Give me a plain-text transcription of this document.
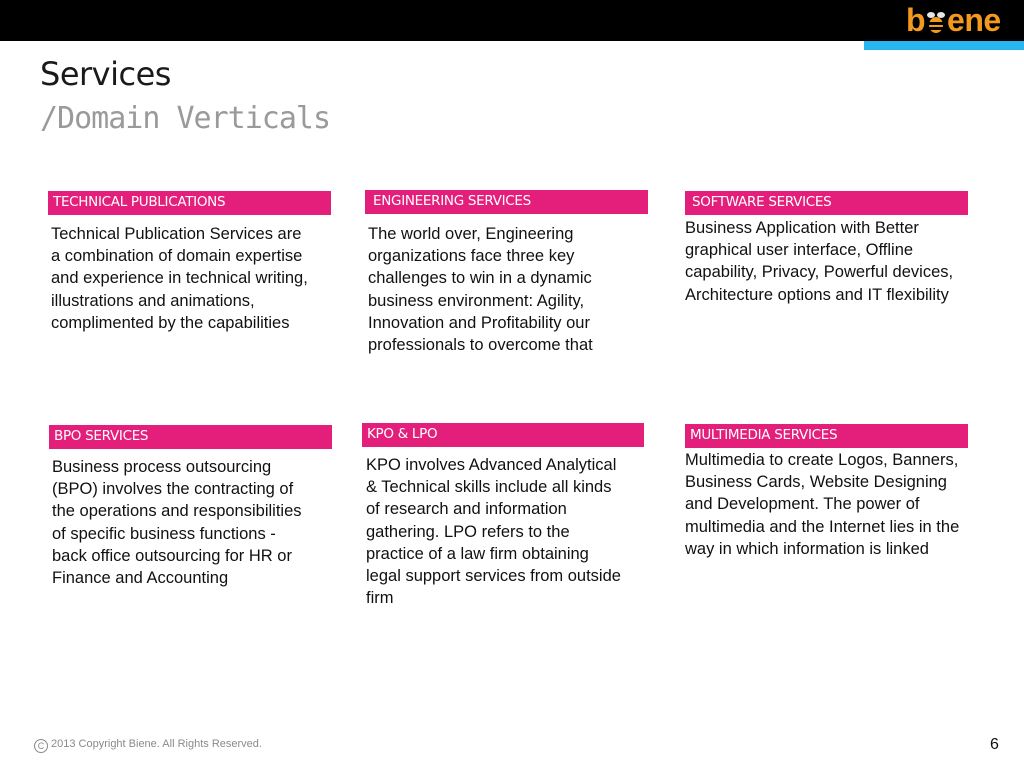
b ene
Services
/Domain Verticals
TECHNICAL PUBLICATIONS

Technical Publication Services are a combination of domain expertise and experience in technical writing, illustrations and animations, complimented by the capabilities

ENGINEERING SERVICES

The world over, Engineering organizations face three key challenges to win in a dynamic business environment: Agility, Innovation and Profitability our professionals to overcome that

SOFTWARE SERVICES

Business Application with Better graphical user interface, Offline capability, Privacy, Powerful devices, Architecture options and IT flexibility

BPO SERVICES

Business process outsourcing (BPO) involves the contracting of the operations and responsibilities of specific business functions - back office outsourcing for HR or Finance and Accounting

KPO & LPO

KPO involves Advanced Analytical & Technical skills include all kinds of research and information gathering. LPO refers to the practice of a law firm obtaining legal support services from outside firm

MULTIMEDIA SERVICES

Multimedia to create Logos, Banners, Business Cards, Website Designing and Development. The power of multimedia and the Internet lies in the way in which information is linked

C 2013 Copyright Biene. All Rights Reserved.	6
